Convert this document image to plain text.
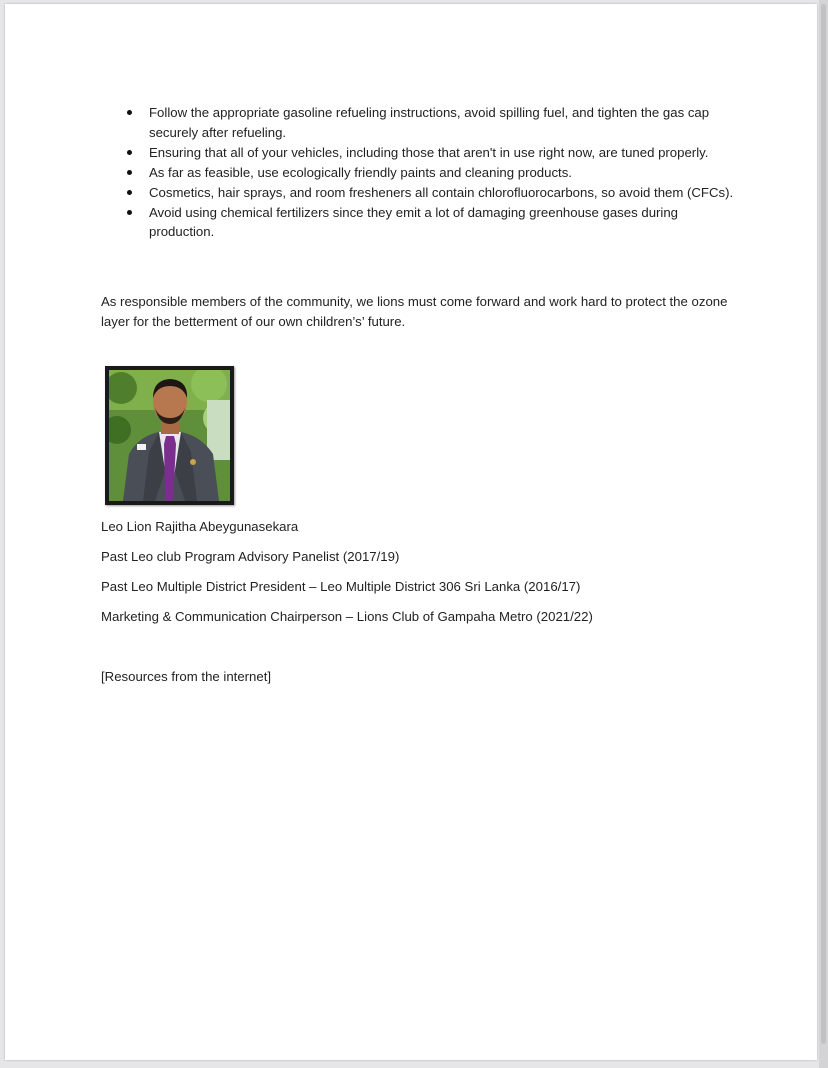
Follow the appropriate gasoline refueling instructions, avoid spilling fuel, and tighten the gas cap securely after refueling.
Ensuring that all of your vehicles, including those that aren't in use right now, are tuned properly.
As far as feasible, use ecologically friendly paints and cleaning products.
Cosmetics, hair sprays, and room fresheners all contain chlorofluorocarbons, so avoid them (CFCs).
Avoid using chemical fertilizers since they emit a lot of damaging greenhouse gases during production.

As responsible members of the community, we lions must come forward and work hard to protect the ozone layer for the betterment of our own children’s’ future.

Leo Lion Rajitha Abeygunasekara

Past Leo club Program Advisory Panelist (2017/19)

Past Leo Multiple District President – Leo Multiple District 306 Sri Lanka (2016/17)

Marketing & Communication Chairperson – Lions Club of Gampaha Metro (2021/22)

[Resources from the internet]
